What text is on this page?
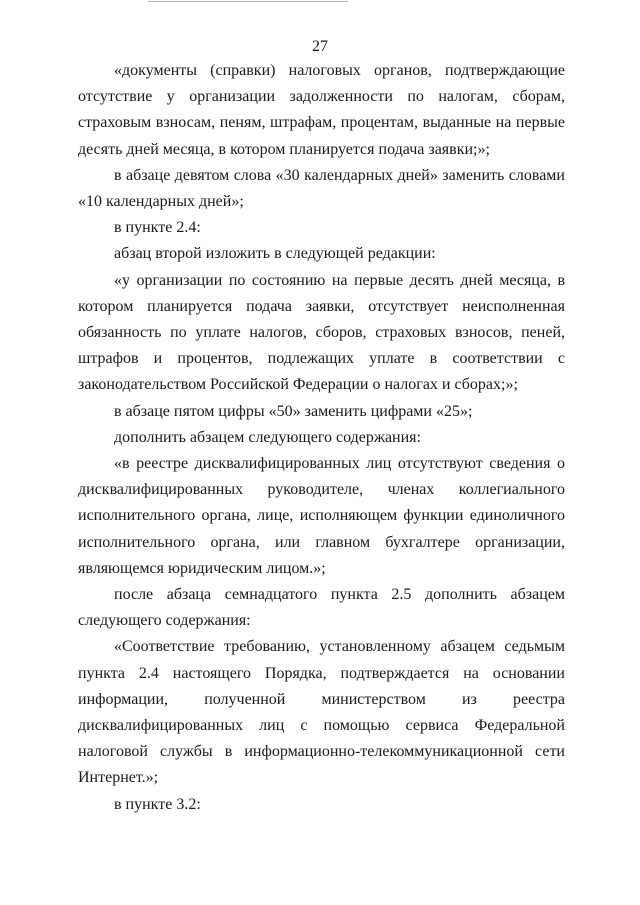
27

«документы (справки) налоговых органов, подтверждающие отсутствие у организации задолженности по налогам, сборам, страховым взносам, пеням, штрафам, процентам, выданные на первые десять дней месяца, в котором планируется подача заявки;»;

в абзаце девятом слова «30 календарных дней» заменить словами «10 календарных дней»;

в пункте 2.4:

абзац второй изложить в следующей редакции:

«у организации по состоянию на первые десять дней месяца, в котором планируется подача заявки, отсутствует неисполненная обязанность по уплате налогов, сборов, страховых взносов, пеней, штрафов и процентов, подлежащих уплате в соответствии с законодательством Российской Федерации о налогах и сборах;»;

в абзаце пятом цифры «50» заменить цифрами «25»;

дополнить абзацем следующего содержания:

«в реестре дисквалифицированных лиц отсутствуют сведения о дисквалифицированных руководителе, членах коллегиального исполнительного органа, лице, исполняющем функции единоличного исполнительного органа, или главном бухгалтере организации, являющемся юридическим лицом.»;

после абзаца семнадцатого пункта 2.5 дополнить абзацем следующего содержания:

«Соответствие требованию, установленному абзацем седьмым пункта 2.4 настоящего Порядка, подтверждается на основании информации, полученной министерством из реестра дисквалифицированных лиц с помощью сервиса Федеральной налоговой службы в информационно-телекоммуникационной сети Интернет.»;

в пункте 3.2:
